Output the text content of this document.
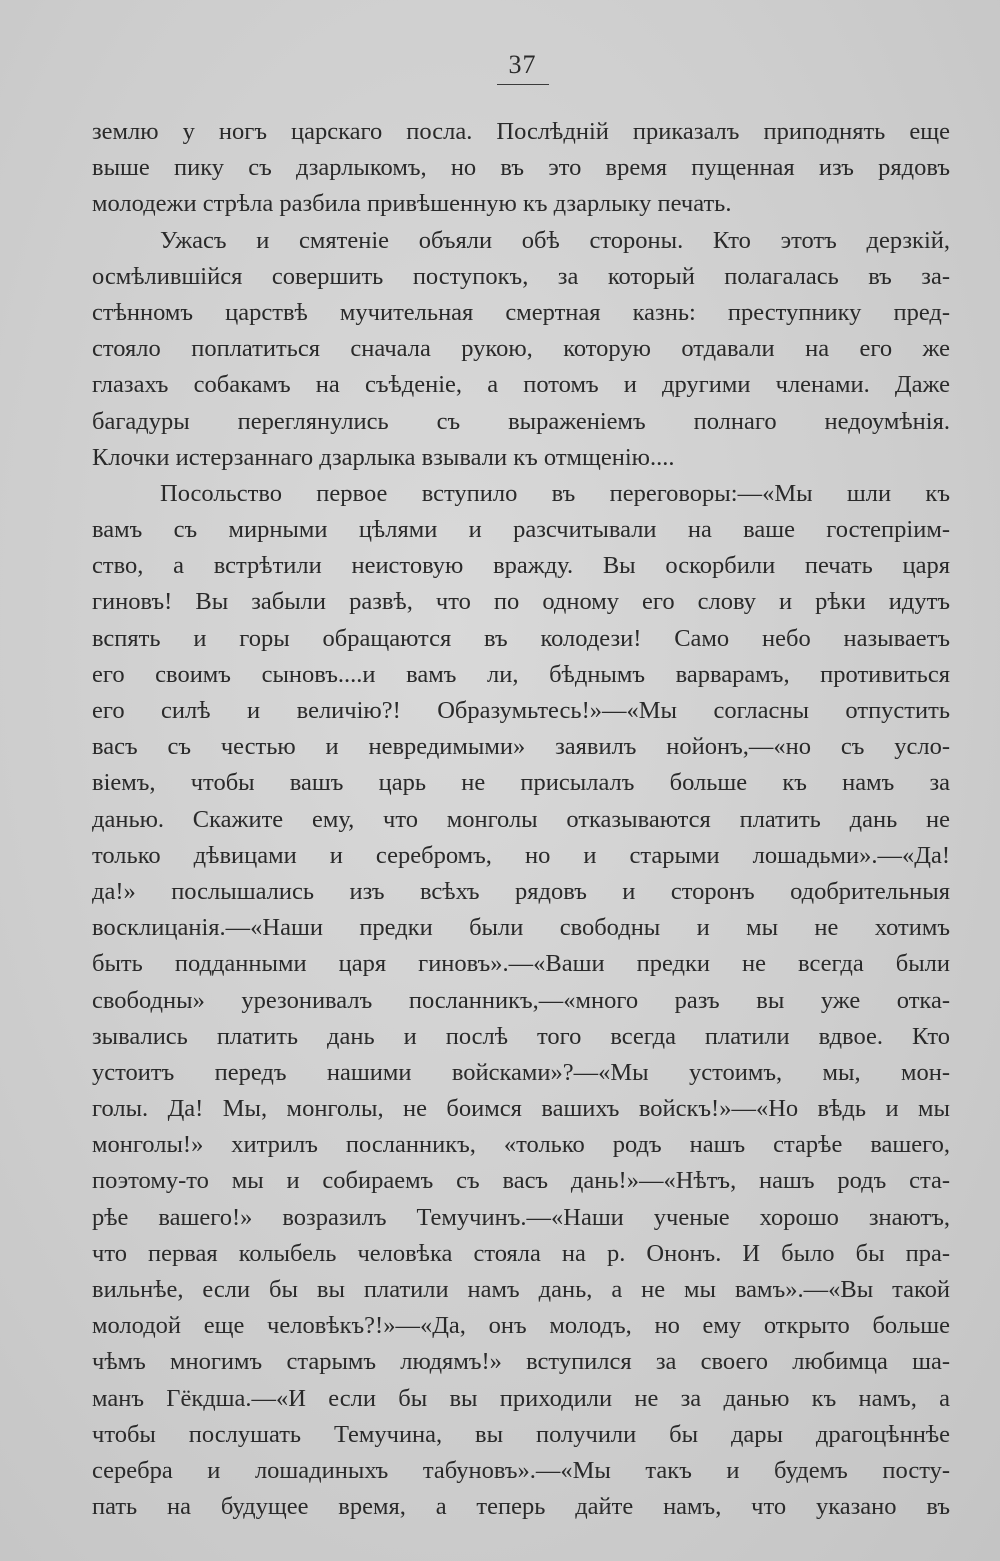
37
землю у ногъ царскаго посла. Послѣдній приказалъ приподнять еще
выше пику съ дзарлыкомъ, но въ это время пущенная изъ рядовъ
молодежи стрѣла разбила привѣшенную къ дзарлыку печать.
Ужасъ и смятеніе объяли обѣ стороны. Кто этотъ дерзкій,
осмѣлившійся совершить поступокъ, за который полагалась въ за-
стѣнномъ царствѣ мучительная смертная казнь: преступнику пред-
стояло поплатиться сначала рукою, которую отдавали на его же
глазахъ собакамъ на съѣденіе, а потомъ и другими членами. Даже
багадуры переглянулись съ выраженіемъ полнаго недоумѣнія.
Клочки истерзаннаго дзарлыка взывали къ отмщенію....
Посольство первое вступило въ переговоры:—«Мы шли къ
вамъ съ мирными цѣлями и разсчитывали на ваше гостепріим-
ство, а встрѣтили неистовую вражду. Вы оскорбили печать царя
гиновъ! Вы забыли развѣ, что по одному его слову и рѣки идутъ
вспять и горы обращаются въ колодези! Само небо называетъ
его своимъ сыновъ....и вамъ ли, бѣднымъ варварамъ, противиться
его силѣ и величію?! Образумьтесь!»—«Мы согласны отпустить
васъ съ честью и невредимыми» заявилъ нойонъ,—«но съ усло-
віемъ, чтобы вашъ царь не присылалъ больше къ намъ за
данью. Скажите ему, что монголы отказываются платить дань не
только дѣвицами и серебромъ, но и старыми лошадьми».—«Да!
да!» послышались изъ всѣхъ рядовъ и сторонъ одобрительныя
восклицанія.—«Наши предки были свободны и мы не хотимъ
быть подданными царя гиновъ».—«Ваши предки не всегда были
свободны» урезонивалъ посланникъ,—«много разъ вы уже отка-
зывались платить дань и послѣ того всегда платили вдвое. Кто
устоитъ передъ нашими войсками»?—«Мы устоимъ, мы, мон-
голы. Да! Мы, монголы, не боимся вашихъ войскъ!»—«Но вѣдь и мы
монголы!» хитрилъ посланникъ, «только родъ нашъ старѣе вашего,
поэтому-то мы и собираемъ съ васъ дань!»—«Нѣтъ, нашъ родъ ста-
рѣе вашего!» возразилъ Темучинъ.—«Наши ученые хорошо знаютъ,
что первая колыбель человѣка стояла на р. Ононъ. И было бы пра-
вильнѣе, если бы вы платили намъ дань, а не мы вамъ».—«Вы такой
молодой еще человѣкъ?!»—«Да, онъ молодъ, но ему открыто больше
чѣмъ многимъ старымъ людямъ!» вступился за своего любимца ша-
манъ Гёкдша.—«И если бы вы приходили не за данью къ намъ, а
чтобы послушать Темучина, вы получили бы дары драгоцѣннѣе
серебра и лошадиныхъ табуновъ».—«Мы такъ и будемъ посту-
пать на будущее время, а теперь дайте намъ, что указано въ
